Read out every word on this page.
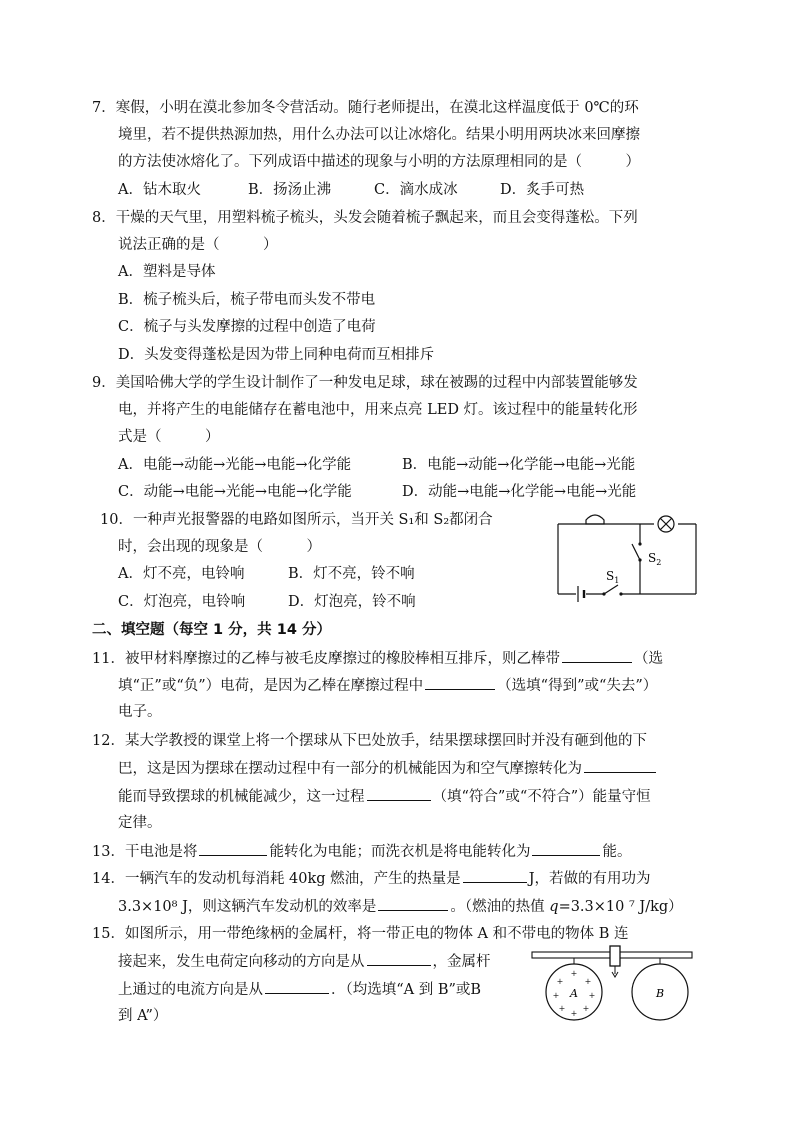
7．寒假，小明在漠北参加冬令营活动。随行老师提出，在漠北这样温度低于 0℃的环
境里，若不提供热源加热，用什么办法可以让冰熔化。结果小明用两块冰来回摩擦
的方法使冰熔化了。下列成语中描述的现象与小明的方法原理相同的是（　　　）
A．钻木取火	B．扬汤止沸	C．滴水成冰	D．炙手可热
8．干燥的天气里，用塑料梳子梳头，头发会随着梳子飘起来，而且会变得蓬松。下列
说法正确的是（　　　）
A．塑料是导体
B．梳子梳头后，梳子带电而头发不带电
C．梳子与头发摩擦的过程中创造了电荷
D．头发变得蓬松是因为带上同种电荷而互相排斥
9．美国哈佛大学的学生设计制作了一种发电足球，球在被踢的过程中内部装置能够发
电，并将产生的电能储存在蓄电池中，用来点亮 LED 灯。该过程中的能量转化形
式是（　　　）
A．电能→动能→光能→电能→化学能	B．电能→动能→化学能→电能→光能
C．动能→电能→光能→电能→化学能	D．动能→电能→化学能→电能→光能
10．一种声光报警器的电路如图所示，当开关 S₁和 S₂都闭合
时，会出现的现象是（　　　）
A．灯不亮，电铃响	B．灯不亮，铃不响
C．灯泡亮，电铃响	D．灯泡亮，铃不响
$S_1$
$S_2$
二、填空题（每空 1 分，共 14 分）
11．被甲材料摩擦过的乙棒与被毛皮摩擦过的橡胶棒相互排斥，则乙棒带	（选
填“正”或“负”）电荷，是因为乙棒在摩擦过程中	（选填“得到”或“失去”）
电子。
12．某大学教授的课堂上将一个摆球从下巴处放手，结果摆球摆回时并没有砸到他的下
巴，这是因为摆球在摆动过程中有一部分的机械能因为和空气摩擦转化为
能而导致摆球的机械能减少，这一过程	（填“符合”或“不符合”）能量守恒
定律。
13．干电池是将	能转化为电能；而洗衣机是将电能转化为	能。
14．一辆汽车的发动机每消耗 40kg 燃油，产生的热量是	J，若做的有用功为
3.3×10⁸ J，则这辆汽车发动机的效率是	。（燃油的热值 q=3.3×10 ⁷ J/kg）
15．如图所示，用一带绝缘柄的金属杆，将一带正电的物体 A 和不带电的物体 B 连
接起来，发生电荷定向移动的方向是从	，金属杆
上通过的电流方向是从	．（均选填“A 到 B”或B
到 A”）
+
+	+
+	+
+ +
+
A	B
